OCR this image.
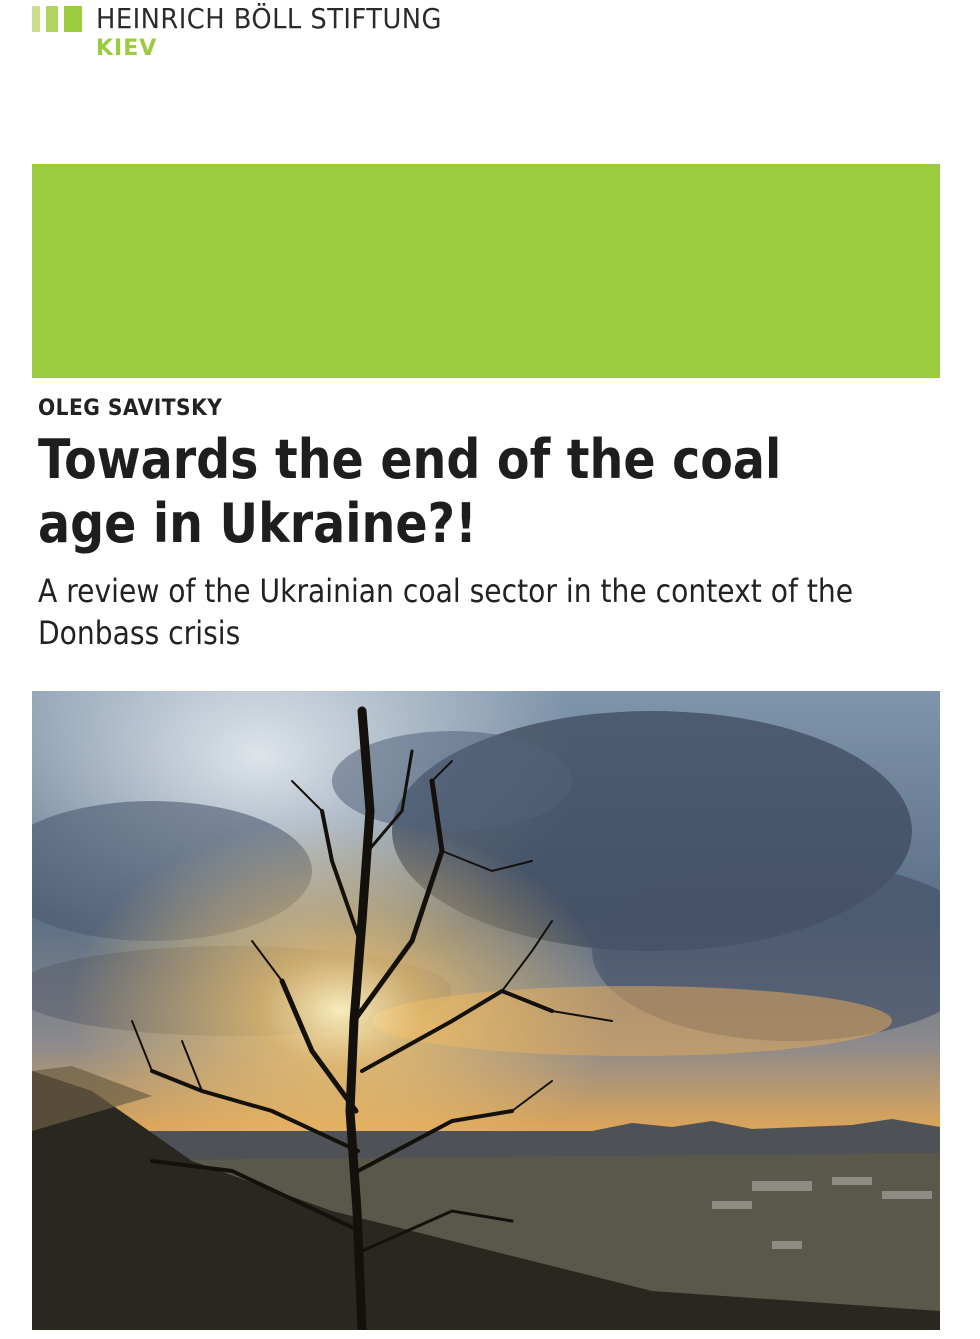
HEINRICH BÖLL STIFTUNG
KIEV
OLEG SAVITSKY
Towards the end of the coal age in Ukraine?!
A review of the Ukrainian coal sector in the context of the Donbass crisis
